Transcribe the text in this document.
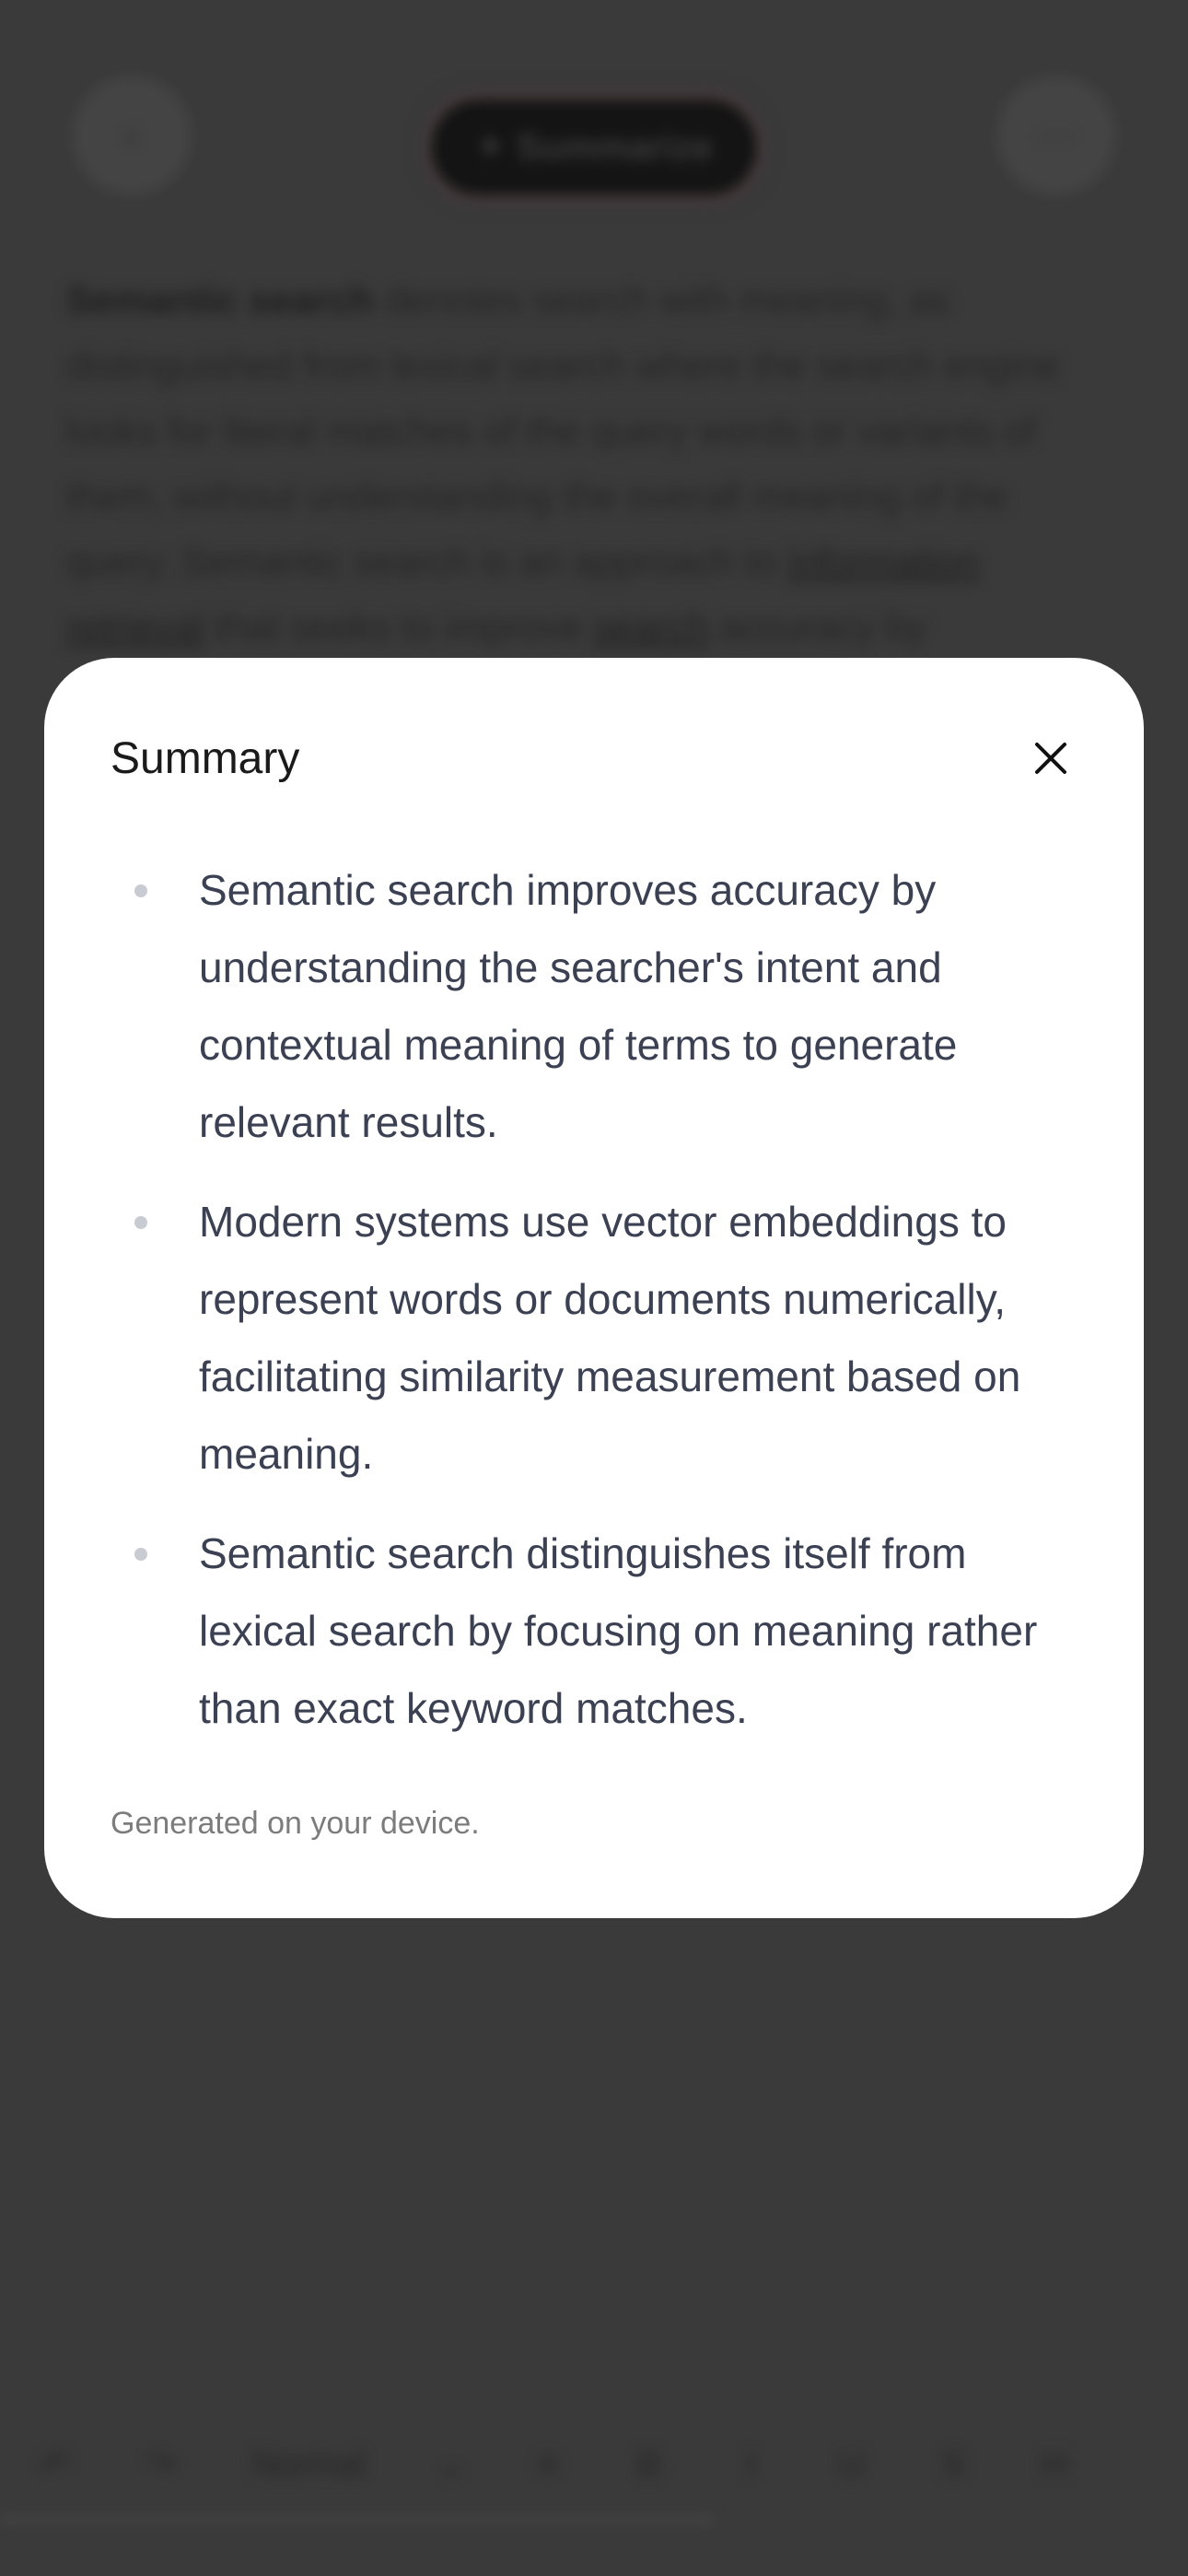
‹	✦ Summarize	⋯
Semantic search denotes search with meaning, as
distinguished from lexical search where the search engine
looks for literal matches of the query words or variants of
them, without understanding the overall meaning of the
query. Semantic search is an approach to information
retrieval that seeks to improve search accuracy by
↶	↷	Normal	⌄	≡	B	I	U	S	H
Summary
Semantic search improves accuracy by understanding the searcher's intent and contextual meaning of terms to generate relevant results.
Modern systems use vector embeddings to represent words or documents numerically, facilitating similarity measurement based on meaning.
Semantic search distinguishes itself from lexical search by focusing on meaning rather than exact keyword matches.
Generated on your device.
